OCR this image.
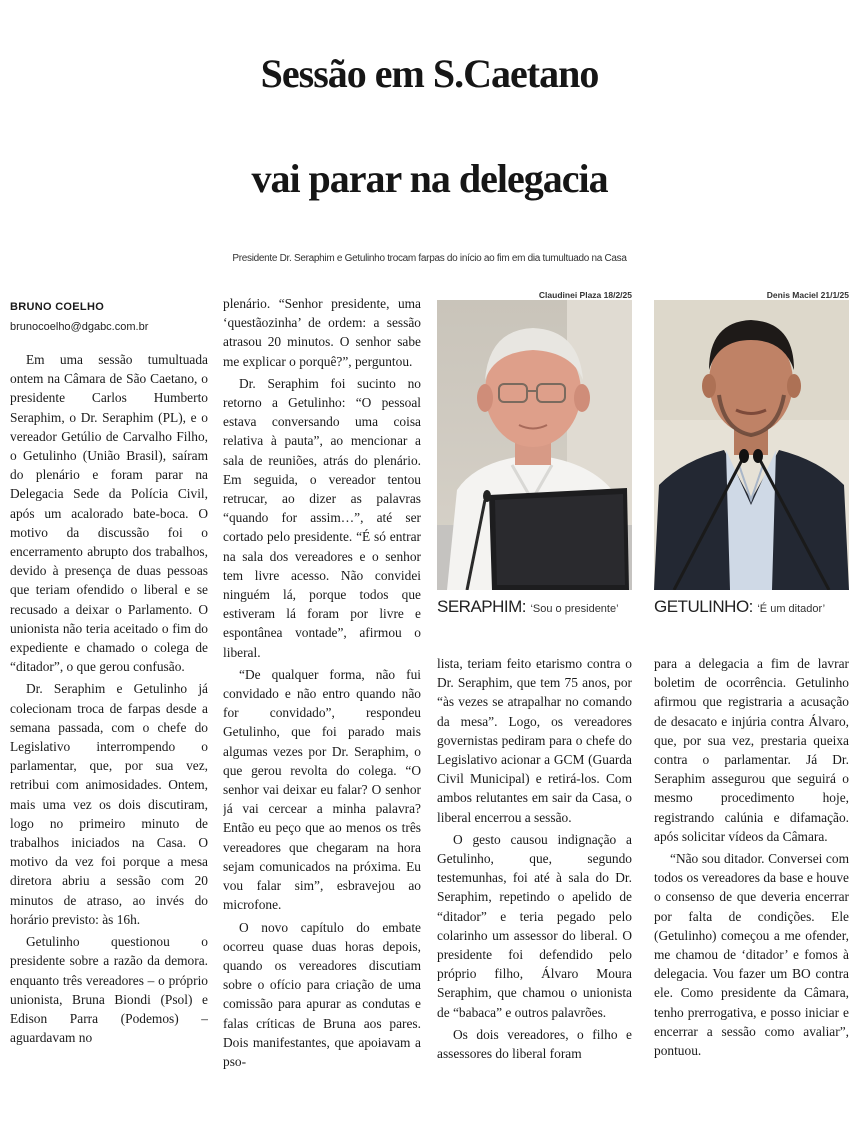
Sessão em S.Caetano
vai parar na delegacia
Presidente Dr. Seraphim e Getulinho trocam farpas do início ao fim em dia tumultuado na Casa
BRUNO COELHO
brunocoelho@dgabc.com.br

Em uma sessão tumultuada ontem na Câmara de São Caetano, o presidente Carlos Humberto Seraphim, o Dr. Seraphim (PL), e o vereador Getúlio de Carvalho Filho, o Getulinho (União Brasil), saíram do plenário e foram parar na Delegacia Sede da Polícia Civil, após um acalorado bate-boca. O motivo da discussão foi o encerramento abrupto dos trabalhos, devido à presença de duas pessoas que teriam ofendido o liberal e se recusado a deixar o Parlamento. O unionista não teria aceitado o fim do expediente e chamado o colega de “ditador”, o que gerou confusão.

Dr. Seraphim e Getulinho já colecionam troca de farpas desde a semana passada, com o chefe do Legislativo interrompendo o parlamentar, que, por sua vez, retribui com animosidades. Ontem, mais uma vez os dois discutiram, logo no primeiro minuto de trabalhos iniciados na Casa. O motivo da vez foi porque a mesa diretora abriu a sessão com 20 minutos de atraso, ao invés do horário previsto: às 16h.

Getulinho questionou o presidente sobre a razão da demora. enquanto três vereadores – o próprio unionista, Bruna Biondi (Psol) e Edison Parra (Podemos) – aguardavam no

plenário. “Senhor presidente, uma ‘questãozinha’ de ordem: a sessão atrasou 20 minutos. O senhor sabe me explicar o porquê?”, perguntou.

Dr. Seraphim foi sucinto no retorno a Getulinho: “O pessoal estava conversando uma coisa relativa à pauta”, ao mencionar a sala de reuniões, atrás do plenário. Em seguida, o vereador tentou retrucar, ao dizer as palavras “quando for assim…”, até ser cortado pelo presidente. “É só entrar na sala dos vereadores e o senhor tem livre acesso. Não convidei ninguém lá, porque todos que estiveram lá foram por livre e espontânea vontade”, afirmou o liberal.

“De qualquer forma, não fui convidado e não entro quando não for convidado”, respondeu Getulinho, que foi parado mais algumas vezes por Dr. Seraphim, o que gerou revolta do colega. “O senhor vai deixar eu falar? O senhor já vai cercear a minha palavra? Então eu peço que ao menos os três vereadores que chegaram na hora sejam comunicados na próxima. Eu vou falar sim”, esbravejou ao microfone.

O novo capítulo do embate ocorreu quase duas horas depois, quando os vereadores discutiam sobre o ofício para criação de uma comissão para apurar as condutas e falas críticas de Bruna aos pares. Dois manifestantes, que apoiavam a pso-

Claudinei Plaza 18/2/25
SERAPHIM: ‘Sou o presidente’
Denis Maciel 21/1/25
GETULINHO: ‘É um ditador’

lista, teriam feito etarismo contra o Dr. Seraphim, que tem 75 anos, por “às vezes se atrapalhar no comando da mesa”. Logo, os vereadores governistas pediram para o chefe do Legislativo acionar a GCM (Guarda Civil Municipal) e retirá-los. Com ambos relutantes em sair da Casa, o liberal encerrou a sessão.

O gesto causou indignação a Getulinho, que, segundo testemunhas, foi até à sala do Dr. Seraphim, repetindo o apelido de “ditador” e teria pegado pelo colarinho um assessor do liberal. O presidente foi defendido pelo próprio filho, Álvaro Moura Seraphim, que chamou o unionista de “babaca” e outros palavrões.

Os dois vereadores, o filho e assessores do liberal foram

para a delegacia a fim de lavrar boletim de ocorrência. Getulinho afirmou que registraria a acusação de desacato e injúria contra Álvaro, que, por sua vez, prestaria queixa contra o parlamentar. Já Dr. Seraphim assegurou que seguirá o mesmo procedimento hoje, registrando calúnia e difamação. após solicitar vídeos da Câmara.

“Não sou ditador. Conversei com todos os vereadores da base e houve o consenso de que deveria encerrar por falta de condições. Ele (Getulinho) começou a me ofender, me chamou de ‘ditador’ e fomos à delegacia. Vou fazer um BO contra ele. Como presidente da Câmara, tenho prerrogativa, e posso iniciar e encerrar a sessão como avaliar”, pontuou.
